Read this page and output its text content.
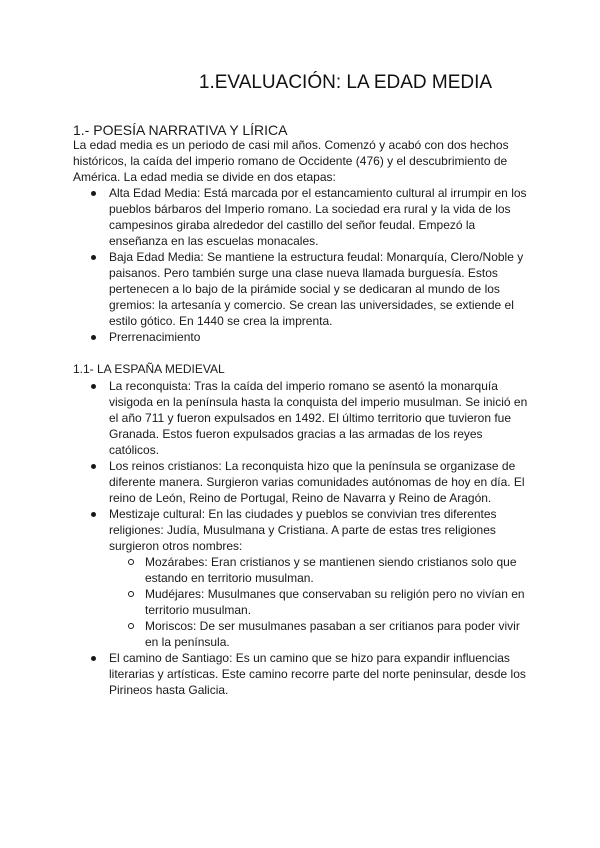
1.EVALUACIÓN: LA EDAD MEDIA
1.- POESÍA NARRATIVA Y LÍRICA

La edad media es un periodo de casi mil años. Comenzó y acabó con dos hechos históricos, la caída del imperio romano de Occidente (476) y el descubrimiento de América. La edad media se divide en dos etapas:

Alta Edad Media: Está marcada por el estancamiento cultural al irrumpir en los pueblos bárbaros del Imperio romano. La sociedad era rural y la vida de los campesinos giraba alrededor del castillo del señor feudal. Empezó la enseñanza en las escuelas monacales.
Baja Edad Media: Se mantiene la estructura feudal: Monarquía, Clero/Noble y paisanos. Pero también surge una clase nueva llamada burguesía. Estos pertenecen a lo bajo de la pirámide social y se dedicaran al mundo de los gremios: la artesanía y comercio. Se crean las universidades, se extiende el estilo gótico. En 1440 se crea la imprenta.
Prerrenacimiento
1.1- LA ESPAÑA MEDIEVAL
La reconquista: Tras la caída del imperio romano se asentó la monarquía visigoda en la península hasta la conquista del imperio musulman. Se inició en el año 711 y fueron expulsados en 1492. El último territorio que tuvieron fue Granada. Estos fueron expulsados gracias a las armadas de los reyes católicos.
Los reinos cristianos: La reconquista hizo que la península se organizase de diferente manera. Surgieron varias comunidades autónomas de hoy en día. El reino de León, Reino de Portugal, Reino de Navarra y Reino de Aragón.
Mestizaje cultural: En las ciudades y pueblos se convivian tres diferentes religiones: Judía, Musulmana y Cristiana. A parte de estas tres religiones surgieron otros nombres:
Mozárabes: Eran cristianos y se mantienen siendo cristianos solo que estando en territorio musulman.
Mudéjares: Musulmanes que conservaban su religión pero no vivían en territorio musulman.
Moriscos: De ser musulmanes pasaban a ser critianos para poder vivir en la península.
El camino de Santiago: Es un camino que se hizo para expandir influencias literarias y artísticas. Este camino recorre parte del norte peninsular, desde los Pirineos hasta Galicia.
